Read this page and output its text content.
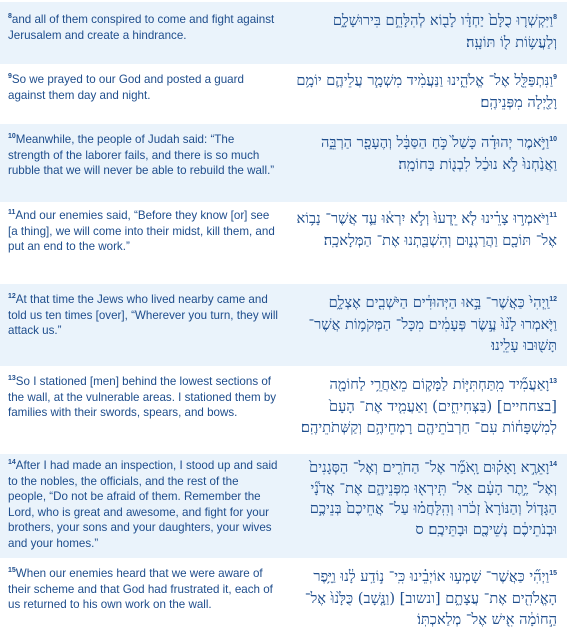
$^8$and all of them conspired to come and fight against Jerusalem and create a hindrance.
$^8$וַיִּקְשְׁר֤וּ כֻלָּם֙ יַחְדָּ֔ו לָב֖וֹא לְהִלָּחֵ֣ם בִּירוּשָׁלָ֑ם וְלַעֲשׂ֥וֹת ל֖וֹ תּוֹעָֽה׃
$^9$So we prayed to our God and posted a guard against them day and night.
$^9$וַנִּתְפַּלֵּ֖ל אֶל־ אֱלֹהֵ֑ינוּ וַנַּעֲמִ֨יד מִשְׁמָ֧ר עֲלֵיהֶ֛ם יוֹמָ֥ם וָלַ֖יְלָה מִפְּנֵיהֶֽם׃
$^{10}$Meanwhile, the people of Judah said: “The strength of the laborer fails, and there is so much rubble that we will never be able to rebuild the wall.”
$^{10}$וַיֹּ֣אמֶר יְהוּדָ֗ה כָּשַׁל֙ כֹּ֣חַ הַסַּבָּ֔ל וְהֶעָפָ֖ר הַרְבֵּ֑ה וַאֲנַ֙חְנוּ֙ לֹ֣א נוּכַ֔ל לִבְנ֖וֹת בַּחוֹמָֽה׃
$^{11}$And our enemies said, “Before they know [or] see [a thing], we will come into their midst, kill them, and put an end to the work.”
$^{11}$וַיֹּאמְר֣וּ צָרֵ֗ינוּ לֹ֤א יֵֽדְעוּ֙ וְלֹ֣א יִרְא֔וּ עַ֛ד אֲשֶׁר־ נָב֥וֹא אֶל־ תּוֹכָ֖ם וַהֲרַגְנ֑וּם וְהִשְׁבַּ֖תְנוּ אֶת־ הַמְּלָאכָֽה׃
$^{12}$At that time the Jews who lived nearby came and told us ten times [over], “Wherever you turn, they will attack us.”
$^{12}$וַֽיְהִי֙ כַּאֲשֶׁר־ בָּ֣אוּ הַיְּהוּדִ֔ים הַיֹּשְׁבִ֖ים אֶצְלָ֑ם וַיֹּ֤אמְרוּ לָ֙נוּ֙ עֶ֣שֶׂר פְּעָמִ֔ים מִכָּל־ הַמְּקֹמ֥וֹת אֲשֶׁר־ תָּשׁ֖וּבוּ עָלֵֽינוּ׃
$^{13}$So I stationed [men] behind the lowest sections of the wall, at the vulnerable areas. I stationed them by families with their swords, spears, and bows.
$^{13}$וָאַעֲמִ֞יד מִֽתַּחְתִּיּ֧וֹת לַמָּק֛וֹם מֵאַחֲרֵ֥י לַחוֹמָ֖ה [בצחחיים] (בַּצְּחִיחִ֑ים) וָאַעֲמִ֤יד אֶת־ הָעָם֙ לְמִשְׁפָּח֔וֹת עִם־ חַרְבֹתֵיהֶ֖ם רָמְחֵיהֶ֥ם וְקַשְּׁתֹתֵיהֶֽם׃
$^{14}$After I had made an inspection, I stood up and said to the nobles, the officials, and the rest of the people, “Do not be afraid of them. Remember the Lord, who is great and awesome, and fight for your brothers, your sons and your daughters, your wives and your homes.”
$^{14}$וָאֵרֶ֣א וָאָק֗וּם וָֽאֹמַ֞ר אֶל־ הַחֹרִ֤ים וְאֶל־ הַסְּגָנִים֙ וְאֶל־ יֶ֣תֶר הָעָ֔ם אַל־ תִּֽירְא֖וּ מִפְּנֵיהֶ֑ם אֶת־ אֲדֹנָ֞י הַגָּד֤וֹל וְהַנּוֹרָא֙ זְכֹ֔רוּ וְהִֽלָּחֲמ֗וּ עַל־ אֲחֵיכֶם֙ בְּנֵיכֶ֣ם וּבְנֹתֵיכֶ֔ם נְשֵׁיכֶ֖ם וּבָתֵּיכֶֽם׃ ס
$^{15}$When our enemies heard that we were aware of their scheme and that God had frustrated it, each of us returned to his own work on the wall.
$^{15}$וַיְהִ֞י כַּאֲשֶׁר־ שָׁמְע֣וּ אוֹיְבֵ֗ינוּ כִּֽי־ נ֣וֹדַֽע לָ֔נוּ וַיָּ֥פֶר הָאֱלֹהִ֖ים אֶת־ עֲצָתָ֑ם [ונשוב] (וַנָּ֤שָׁב) כֻּלָּ֙נוּ֙ אֶל־ הַ֣חוֹמָ֔ה אִ֖ישׁ אֶל־ מְלַאכְתּֽוֹ׃
